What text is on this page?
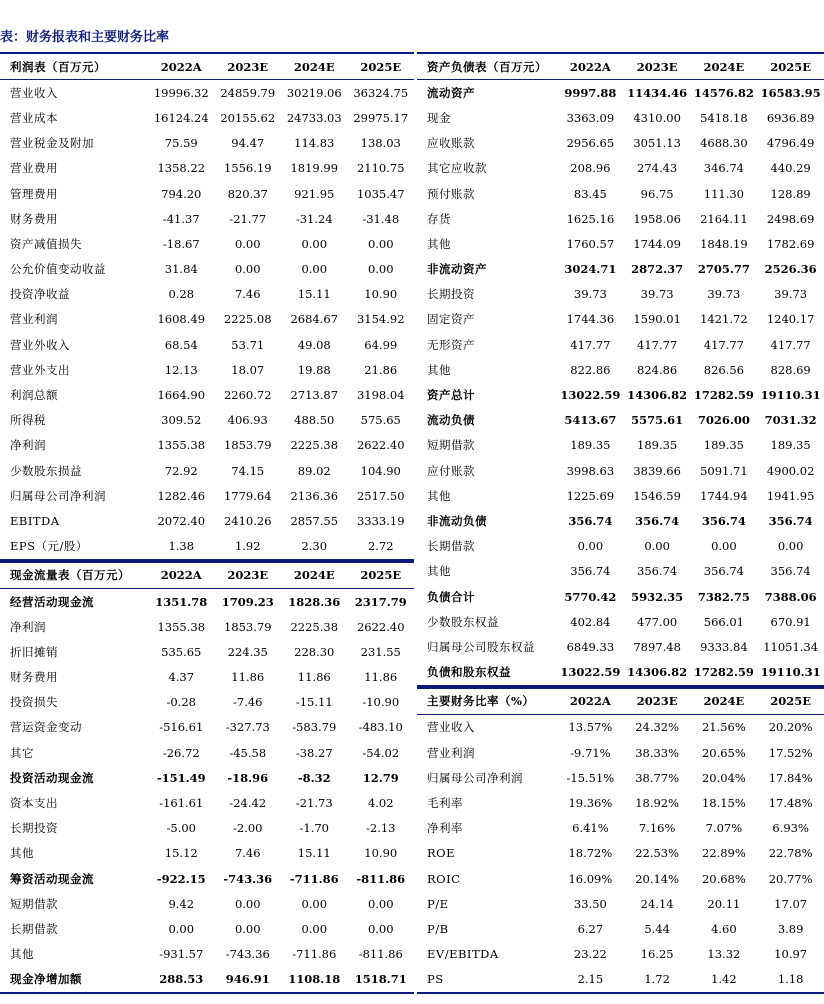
表：财务报表和主要财务比率
利润表（百万元）	2022A	2023E	2024E	2025E
营业收入	19996.32	24859.79	30219.06	36324.75
营业成本	16124.24	20155.62	24733.03	29975.17
营业税金及附加	75.59	94.47	114.83	138.03
营业费用	1358.22	1556.19	1819.99	2110.75
管理费用	794.20	820.37	921.95	1035.47
财务费用	-41.37	-21.77	-31.24	-31.48
资产减值损失	-18.67	0.00	0.00	0.00
公允价值变动收益	31.84	0.00	0.00	0.00
投资净收益	0.28	7.46	15.11	10.90
营业利润	1608.49	2225.08	2684.67	3154.92
营业外收入	68.54	53.71	49.08	64.99
营业外支出	12.13	18.07	19.88	21.86
利润总额	1664.90	2260.72	2713.87	3198.04
所得税	309.52	406.93	488.50	575.65
净利润	1355.38	1853.79	2225.38	2622.40
少数股东损益	72.92	74.15	89.02	104.90
归属母公司净利润	1282.46	1779.64	2136.36	2517.50
EBITDA	2072.40	2410.26	2857.55	3333.19
EPS（元/股）	1.38	1.92	2.30	2.72
现金流量表（百万元）	2022A	2023E	2024E	2025E
经营活动现金流	1351.78	1709.23	1828.36	2317.79
净利润	1355.38	1853.79	2225.38	2622.40
折旧摊销	535.65	224.35	228.30	231.55
财务费用	4.37	11.86	11.86	11.86
投资损失	-0.28	-7.46	-15.11	-10.90
营运资金变动	-516.61	-327.73	-583.79	-483.10
其它	-26.72	-45.58	-38.27	-54.02
投资活动现金流	-151.49	-18.96	-8.32	12.79
资本支出	-161.61	-24.42	-21.73	4.02
长期投资	-5.00	-2.00	-1.70	-2.13
其他	15.12	7.46	15.11	10.90
筹资活动现金流	-922.15	-743.36	-711.86	-811.86
短期借款	9.42	0.00	0.00	0.00
长期借款	0.00	0.00	0.00	0.00
其他	-931.57	-743.36	-711.86	-811.86
现金净增加额	288.53	946.91	1108.18	1518.71
资产负债表（百万元）	2022A	2023E	2024E	2025E
流动资产	9997.88	11434.46	14576.82	16583.95
现金	3363.09	4310.00	5418.18	6936.89
应收账款	2956.65	3051.13	4688.30	4796.49
其它应收款	208.96	274.43	346.74	440.29
预付账款	83.45	96.75	111.30	128.89
存货	1625.16	1958.06	2164.11	2498.69
其他	1760.57	1744.09	1848.19	1782.69
非流动资产	3024.71	2872.37	2705.77	2526.36
长期投资	39.73	39.73	39.73	39.73
固定资产	1744.36	1590.01	1421.72	1240.17
无形资产	417.77	417.77	417.77	417.77
其他	822.86	824.86	826.56	828.69
资产总计	13022.59	14306.82	17282.59	19110.31
流动负债	5413.67	5575.61	7026.00	7031.32
短期借款	189.35	189.35	189.35	189.35
应付账款	3998.63	3839.66	5091.71	4900.02
其他	1225.69	1546.59	1744.94	1941.95
非流动负债	356.74	356.74	356.74	356.74
长期借款	0.00	0.00	0.00	0.00
其他	356.74	356.74	356.74	356.74
负债合计	5770.42	5932.35	7382.75	7388.06
少数股东权益	402.84	477.00	566.01	670.91
归属母公司股东权益	6849.33	7897.48	9333.84	11051.34
负债和股东权益	13022.59	14306.82	17282.59	19110.31
主要财务比率（%）	2022A	2023E	2024E	2025E
营业收入	13.57%	24.32%	21.56%	20.20%
营业利润	-9.71%	38.33%	20.65%	17.52%
归属母公司净利润	-15.51%	38.77%	20.04%	17.84%
毛利率	19.36%	18.92%	18.15%	17.48%
净利率	6.41%	7.16%	7.07%	6.93%
ROE	18.72%	22.53%	22.89%	22.78%
ROIC	16.09%	20.14%	20.68%	20.77%
P/E	33.50	24.14	20.11	17.07
P/B	6.27	5.44	4.60	3.89
EV/EBITDA	23.22	16.25	13.32	10.97
PS	2.15	1.72	1.42	1.18
